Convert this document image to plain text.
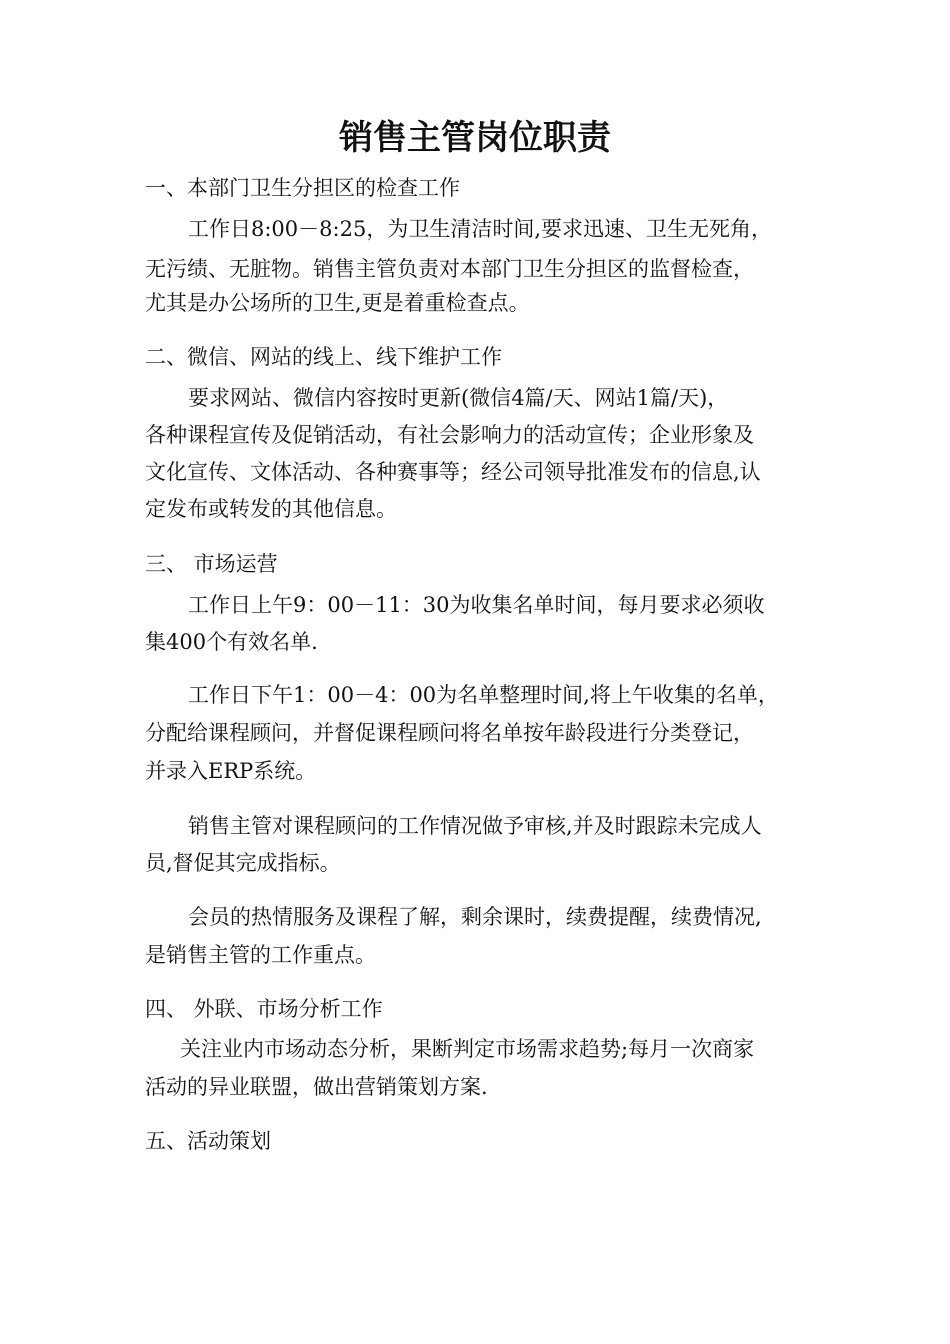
销售主管岗位职责

一、本部门卫生分担区的检查工作

工作日8:00－8:25，为卫生清洁时间,要求迅速、卫生无死角，

无污绩、无脏物。销售主管负责对本部门卫生分担区的监督检查，

尤其是办公场所的卫生,更是着重检查点。

二、微信、网站的线上、线下维护工作

要求网站、微信内容按时更新(微信4篇/天、网站1篇/天)，

各种课程宣传及促销活动，有社会影响力的活动宣传；企业形象及

文化宣传、文体活动、各种赛事等；经公司领导批准发布的信息,认

定发布或转发的其他信息。

三、 市场运营

工作日上午9：00－11：30为收集名单时间，每月要求必须收

集400个有效名单.

工作日下午1：00－4：00为名单整理时间,将上午收集的名单，

分配给课程顾问，并督促课程顾问将名单按年龄段进行分类登记，

并录入ERP系统。

销售主管对课程顾问的工作情况做予审核,并及时跟踪未完成人

员,督促其完成指标。

会员的热情服务及课程了解，剩余课时，续费提醒，续费情况,

是销售主管的工作重点。

四、 外联、市场分析工作

关注业内市场动态分析，果断判定市场需求趋势;每月一次商家

活动的异业联盟，做出营销策划方案.

五、活动策划
